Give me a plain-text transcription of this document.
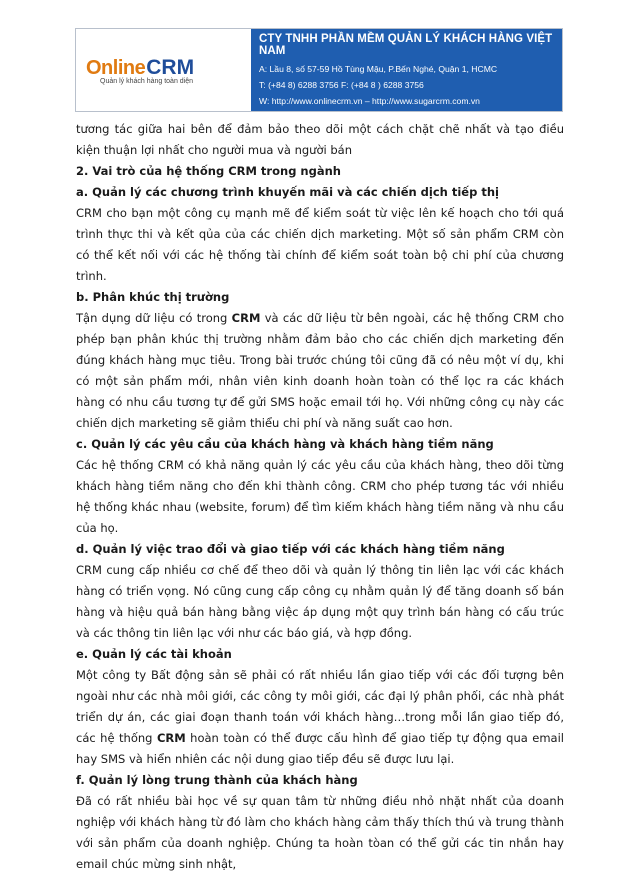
Online CRM
Quản lý khách hàng toàn diện
CTY TNHH PHẦN MỀM QUẢN LÝ KHÁCH HÀNG VIỆT NAM
A: Lầu 8, số 57-59 Hồ Tùng Mậu, P.Bến Nghé, Quận 1, HCMC
T: (+84 8) 6288 3756 F: (+84 8 ) 6288 3756
W: http://www.onlinecrm.vn – http://www.sugarcrm.com.vn

tương tác giữa hai bên để đảm bảo theo dõi một cách chặt chẽ nhất và tạo điều kiện thuận lợi nhất cho người mua và người bán

2. Vai trò của hệ thống CRM trong ngành
a. Quản lý các chương trình khuyến mãi và các chiến dịch tiếp thị

CRM cho bạn một công cụ mạnh mẽ để kiểm soát từ việc lên kế hoạch cho tới quá trình thực thi và kết qủa của các chiến dịch marketing. Một số sản phẩm CRM còn có thể kết nối với các hệ thống tài chính để kiểm soát toàn bộ chi phí của chương trình.

b. Phân khúc thị trường

Tận dụng dữ liệu có trong CRM và các dữ liệu từ bên ngoài, các hệ thống CRM cho phép bạn phân khúc thị trường nhằm đảm bảo cho các chiến dịch marketing đến đúng khách hàng mục tiêu. Trong bài trước chúng tôi cũng đã có nêu một ví dụ, khi có một sản phẩm mới, nhân viên kinh doanh hoàn toàn có thể lọc ra các khách hàng có nhu cầu tương tự để gửi SMS hoặc email tới họ. Với những công cụ này các chiến dịch marketing sẽ giảm thiểu chi phí và năng suất cao hơn.

c. Quản lý các yêu cầu của khách hàng và khách hàng tiềm năng

Các hệ thống CRM có khả năng quản lý các yêu cầu của khách hàng, theo dõi từng khách hàng tiềm năng cho đến khi thành công. CRM cho phép tương tác với nhiều hệ thống khác nhau (website, forum) để tìm kiếm khách hàng tiềm năng và nhu cầu của họ.

d. Quản lý việc trao đổi và giao tiếp với các khách hàng tiềm năng

CRM cung cấp nhiều cơ chế để theo dõi và quản lý thông tin liên lạc với các khách hàng có triển vọng. Nó cũng cung cấp công cụ nhằm quản lý để tăng doanh số bán hàng và hiệu quả bán hàng bằng việc áp dụng một quy trình bán hàng có cấu trúc và các thông tin liên lạc với như các báo giá, và hợp đồng.

e. Quản lý các tài khoản

Một công ty Bất động sản sẽ phải có rất nhiều lần giao tiếp với các đối tượng bên ngoài như các nhà môi giới, các công ty môi giới, các đại lý phân phối, các nhà phát triển dự án, các giai đoạn thanh toán với khách hàng…trong mỗi lần giao tiếp đó, các hệ thống CRM hoàn toàn có thể được cấu hình để giao tiếp tự động qua email hay SMS và hiển nhiên các nội dung giao tiếp đều sẽ được lưu lại.

f. Quản lý lòng trung thành của khách hàng

Đã có rất nhiều bài học về sự quan tâm từ những điều nhỏ nhặt nhất của doanh nghiệp với khách hàng từ đó làm cho khách hàng cảm thấy thích thú và trung thành với sản phẩm của doanh nghiệp. Chúng ta hoàn tòan có thể gửi các tin nhắn hay email chúc mừng sinh nhật,
